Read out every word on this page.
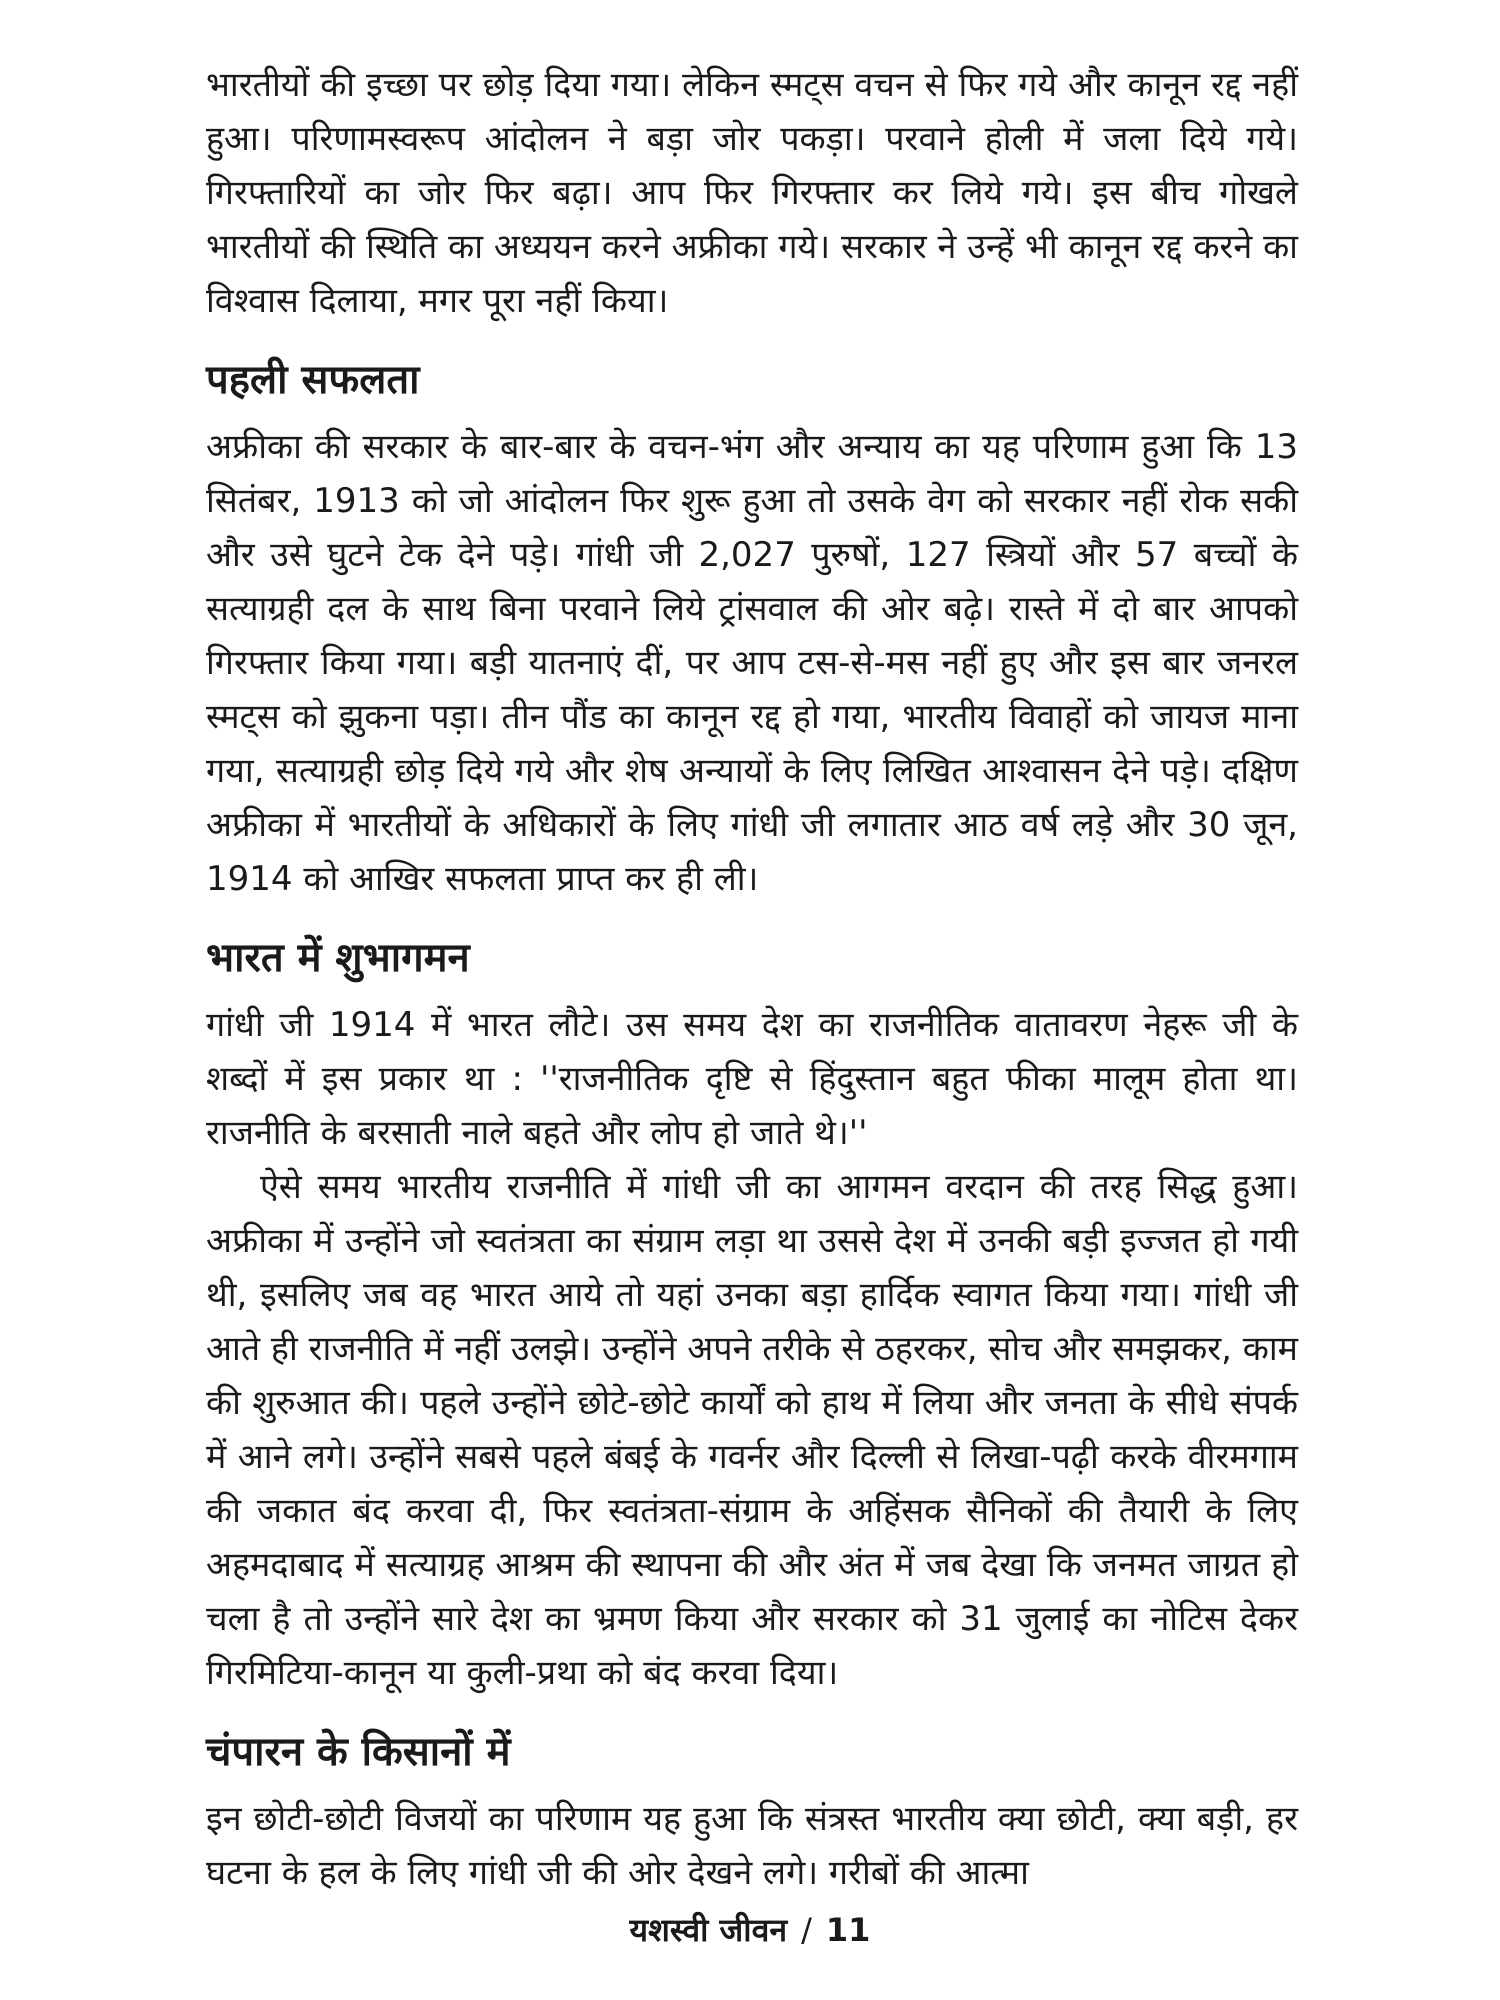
भारतीयों की इच्छा पर छोड़ दिया गया। लेकिन स्मट्स वचन से फिर गये और कानून रद्द नहीं हुआ। परिणामस्वरूप आंदोलन ने बड़ा जोर पकड़ा। परवाने होली में जला दिये गये। गिरफ्तारियों का जोर फिर बढ़ा। आप फिर गिरफ्तार कर लिये गये। इस बीच गोखले भारतीयों की स्थिति का अध्ययन करने अफ्रीका गये। सरकार ने उन्हें भी कानून रद्द करने का विश्वास दिलाया, मगर पूरा नहीं किया।

पहली सफलता

अफ्रीका की सरकार के बार-बार के वचन-भंग और अन्याय का यह परिणाम हुआ कि 13 सितंबर, 1913 को जो आंदोलन फिर शुरू हुआ तो उसके वेग को सरकार नहीं रोक सकी और उसे घुटने टेक देने पड़े। गांधी जी 2,027 पुरुषों, 127 स्त्रियों और 57 बच्चों के सत्याग्रही दल के साथ बिना परवाने लिये ट्रांसवाल की ओर बढ़े। रास्ते में दो बार आपको गिरफ्तार किया गया। बड़ी यातनाएं दीं, पर आप टस-से-मस नहीं हुए और इस बार जनरल स्मट्स को झुकना पड़ा। तीन पौंड का कानून रद्द हो गया, भारतीय विवाहों को जायज माना गया, सत्याग्रही छोड़ दिये गये और शेष अन्यायों के लिए लिखित आश्वासन देने पड़े। दक्षिण अफ्रीका में भारतीयों के अधिकारों के लिए गांधी जी लगातार आठ वर्ष लड़े और 30 जून, 1914 को आखिर सफलता प्राप्त कर ही ली।

भारत में शुभागमन

गांधी जी 1914 में भारत लौटे। उस समय देश का राजनीतिक वातावरण नेहरू जी के शब्दों में इस प्रकार था : ''राजनीतिक दृष्टि से हिंदुस्तान बहुत फीका मालूम होता था। राजनीति के बरसाती नाले बहते और लोप हो जाते थे।''

ऐसे समय भारतीय राजनीति में गांधी जी का आगमन वरदान की तरह सिद्ध हुआ। अफ्रीका में उन्होंने जो स्वतंत्रता का संग्राम लड़ा था उससे देश में उनकी बड़ी इज्जत हो गयी थी, इसलिए जब वह भारत आये तो यहां उनका बड़ा हार्दिक स्वागत किया गया। गांधी जी आते ही राजनीति में नहीं उलझे। उन्होंने अपने तरीके से ठहरकर, सोच और समझकर, काम की शुरुआत की। पहले उन्होंने छोटे-छोटे कार्यों को हाथ में लिया और जनता के सीधे संपर्क में आने लगे। उन्होंने सबसे पहले बंबई के गवर्नर और दिल्ली से लिखा-पढ़ी करके वीरमगाम की जकात बंद करवा दी, फिर स्वतंत्रता-संग्राम के अहिंसक सैनिकों की तैयारी के लिए अहमदाबाद में सत्याग्रह आश्रम की स्थापना की और अंत में जब देखा कि जनमत जाग्रत हो चला है तो उन्होंने सारे देश का भ्रमण किया और सरकार को 31 जुलाई का नोटिस देकर गिरमिटिया-कानून या कुली-प्रथा को बंद करवा दिया।

चंपारन के किसानों में

इन छोटी-छोटी विजयों का परिणाम यह हुआ कि संत्रस्त भारतीय क्या छोटी, क्या बड़ी, हर घटना के हल के लिए गांधी जी की ओर देखने लगे। गरीबों की आत्मा

यशस्वी जीवन / 11
